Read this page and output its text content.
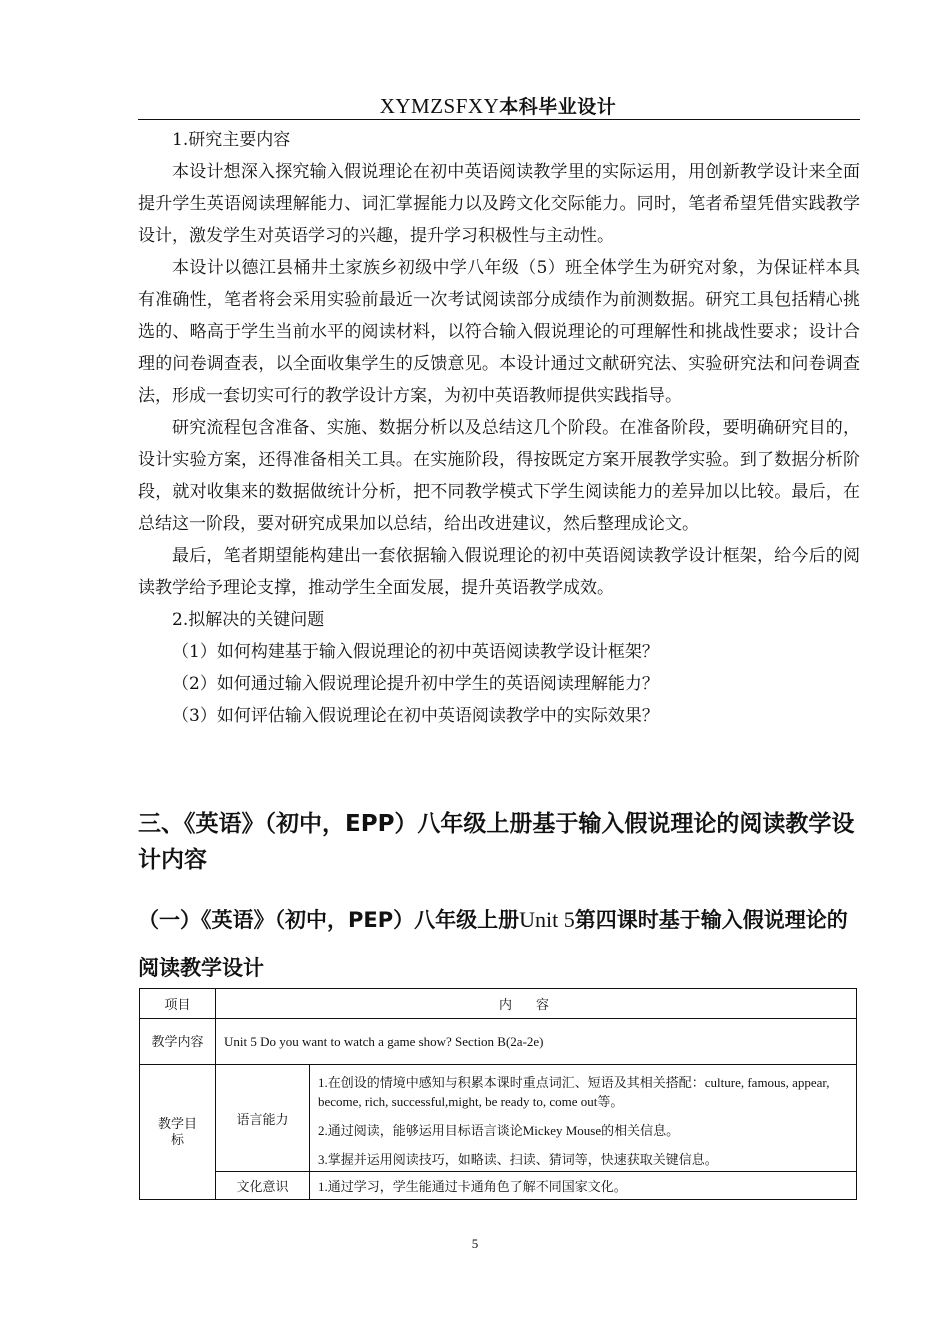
XYMZSFXY本科毕业设计

1.研究主要内容

本设计想深入探究输入假说理论在初中英语阅读教学里的实际运用，用创新教学设计来全面提升学生英语阅读理解能力、词汇掌握能力以及跨文化交际能力。同时，笔者希望凭借实践教学设计，激发学生对英语学习的兴趣，提升学习积极性与主动性。

本设计以德江县桶井土家族乡初级中学八年级（5）班全体学生为研究对象，为保证样本具有准确性，笔者将会采用实验前最近一次考试阅读部分成绩作为前测数据。研究工具包括精心挑选的、略高于学生当前水平的阅读材料，以符合输入假说理论的可理解性和挑战性要求；设计合理的问卷调查表，以全面收集学生的反馈意见。本设计通过文献研究法、实验研究法和问卷调查法，形成一套切实可行的教学设计方案，为初中英语教师提供实践指导。

研究流程包含准备、实施、数据分析以及总结这几个阶段。在准备阶段，要明确研究目的，设计实验方案，还得准备相关工具。在实施阶段，得按既定方案开展教学实验。到了数据分析阶段，就对收集来的数据做统计分析，把不同教学模式下学生阅读能力的差异加以比较。最后，在总结这一阶段，要对研究成果加以总结，给出改进建议，然后整理成论文。

最后，笔者期望能构建出一套依据输入假说理论的初中英语阅读教学设计框架，给今后的阅读教学给予理论支撑，推动学生全面发展，提升英语教学成效。

2.拟解决的关键问题

（1）如何构建基于输入假说理论的初中英语阅读教学设计框架？

（2）如何通过输入假说理论提升初中学生的英语阅读理解能力？

（3）如何评估输入假说理论在初中英语阅读教学中的实际效果？

三、《英语》（初中，EPP）八年级上册基于输入假说理论的阅读教学设计内容
（一）《英语》（初中，PEP）八年级上册Unit 5第四课时基于输入假说理论的阅读教学设计
项目	内容	
教学内容	Unit 5 Do you want to watch a game show? Section B(2a-2e)	
教学目标	语言能力	1.在创设的情境中感知与积累本课时重点词汇、短语及其相关搭配：culture, famous, appear, become, rich, successful,might, be ready to, come out等。

2.通过阅读，能够运用目标语言谈论Mickey Mouse的相关信息。

3.掌握并运用阅读技巧，如略读、扫读、猜词等，快速获取关键信息。

	文化意识	1.通过学习，学生能通过卡通角色了解不同国家文化。
5
